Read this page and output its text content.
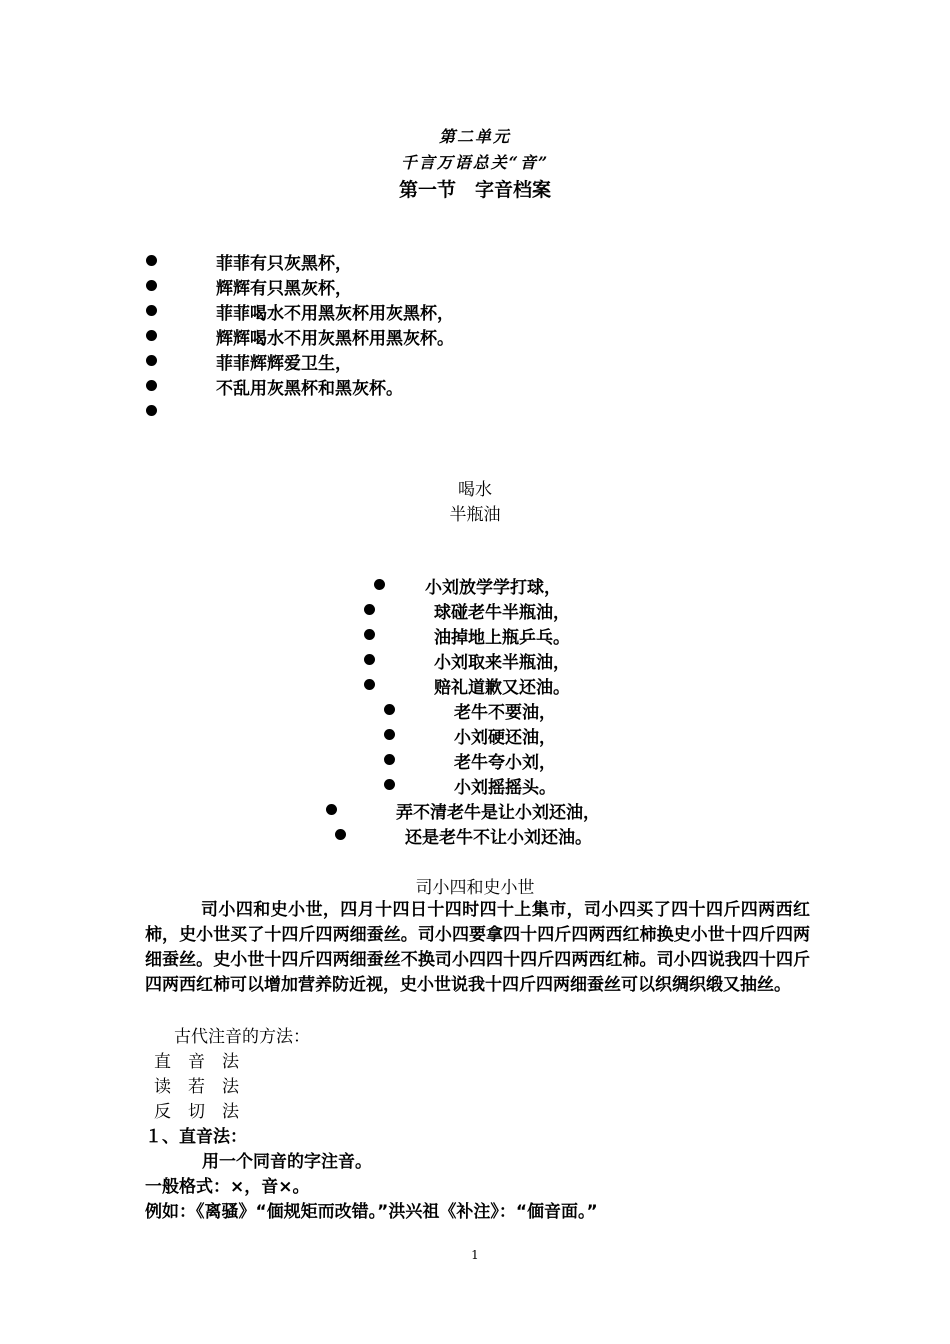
第二单元
千言万语总关“音”
第一节　字音档案
菲菲有只灰黑杯，
辉辉有只黑灰杯，
菲菲喝水不用黑灰杯用灰黑杯，
辉辉喝水不用灰黑杯用黑灰杯。
菲菲辉辉爱卫生，
不乱用灰黑杯和黑灰杯。
喝水
半瓶油
小刘放学学打球，
球碰老牛半瓶油，
油掉地上瓶乒乓。
小刘取来半瓶油，
赔礼道歉又还油。
老牛不要油，
小刘硬还油，
老牛夸小刘，
小刘摇摇头。
弄不清老牛是让小刘还油，
还是老牛不让小刘还油。
司小四和史小世
司小四和史小世，四月十四日十四时四十上集市，司小四买了四十四斤四两西红柿，史小世买了十四斤四两细蚕丝。司小四要拿四十四斤四两西红柿换史小世十四斤四两细蚕丝。史小世十四斤四两细蚕丝不换司小四四十四斤四两西红柿。司小四说我四十四斤四两西红柿可以增加营养防近视，史小世说我十四斤四两细蚕丝可以织绸织缎又抽丝。
古代注音的方法：
直　音　法
读　若　法
反　切　法
１、直音法：
用一个同音的字注音。
一般格式：×，音×。
例如：《离骚》“偭规矩而改错。”洪兴祖《补注》：“偭音面。”
1
